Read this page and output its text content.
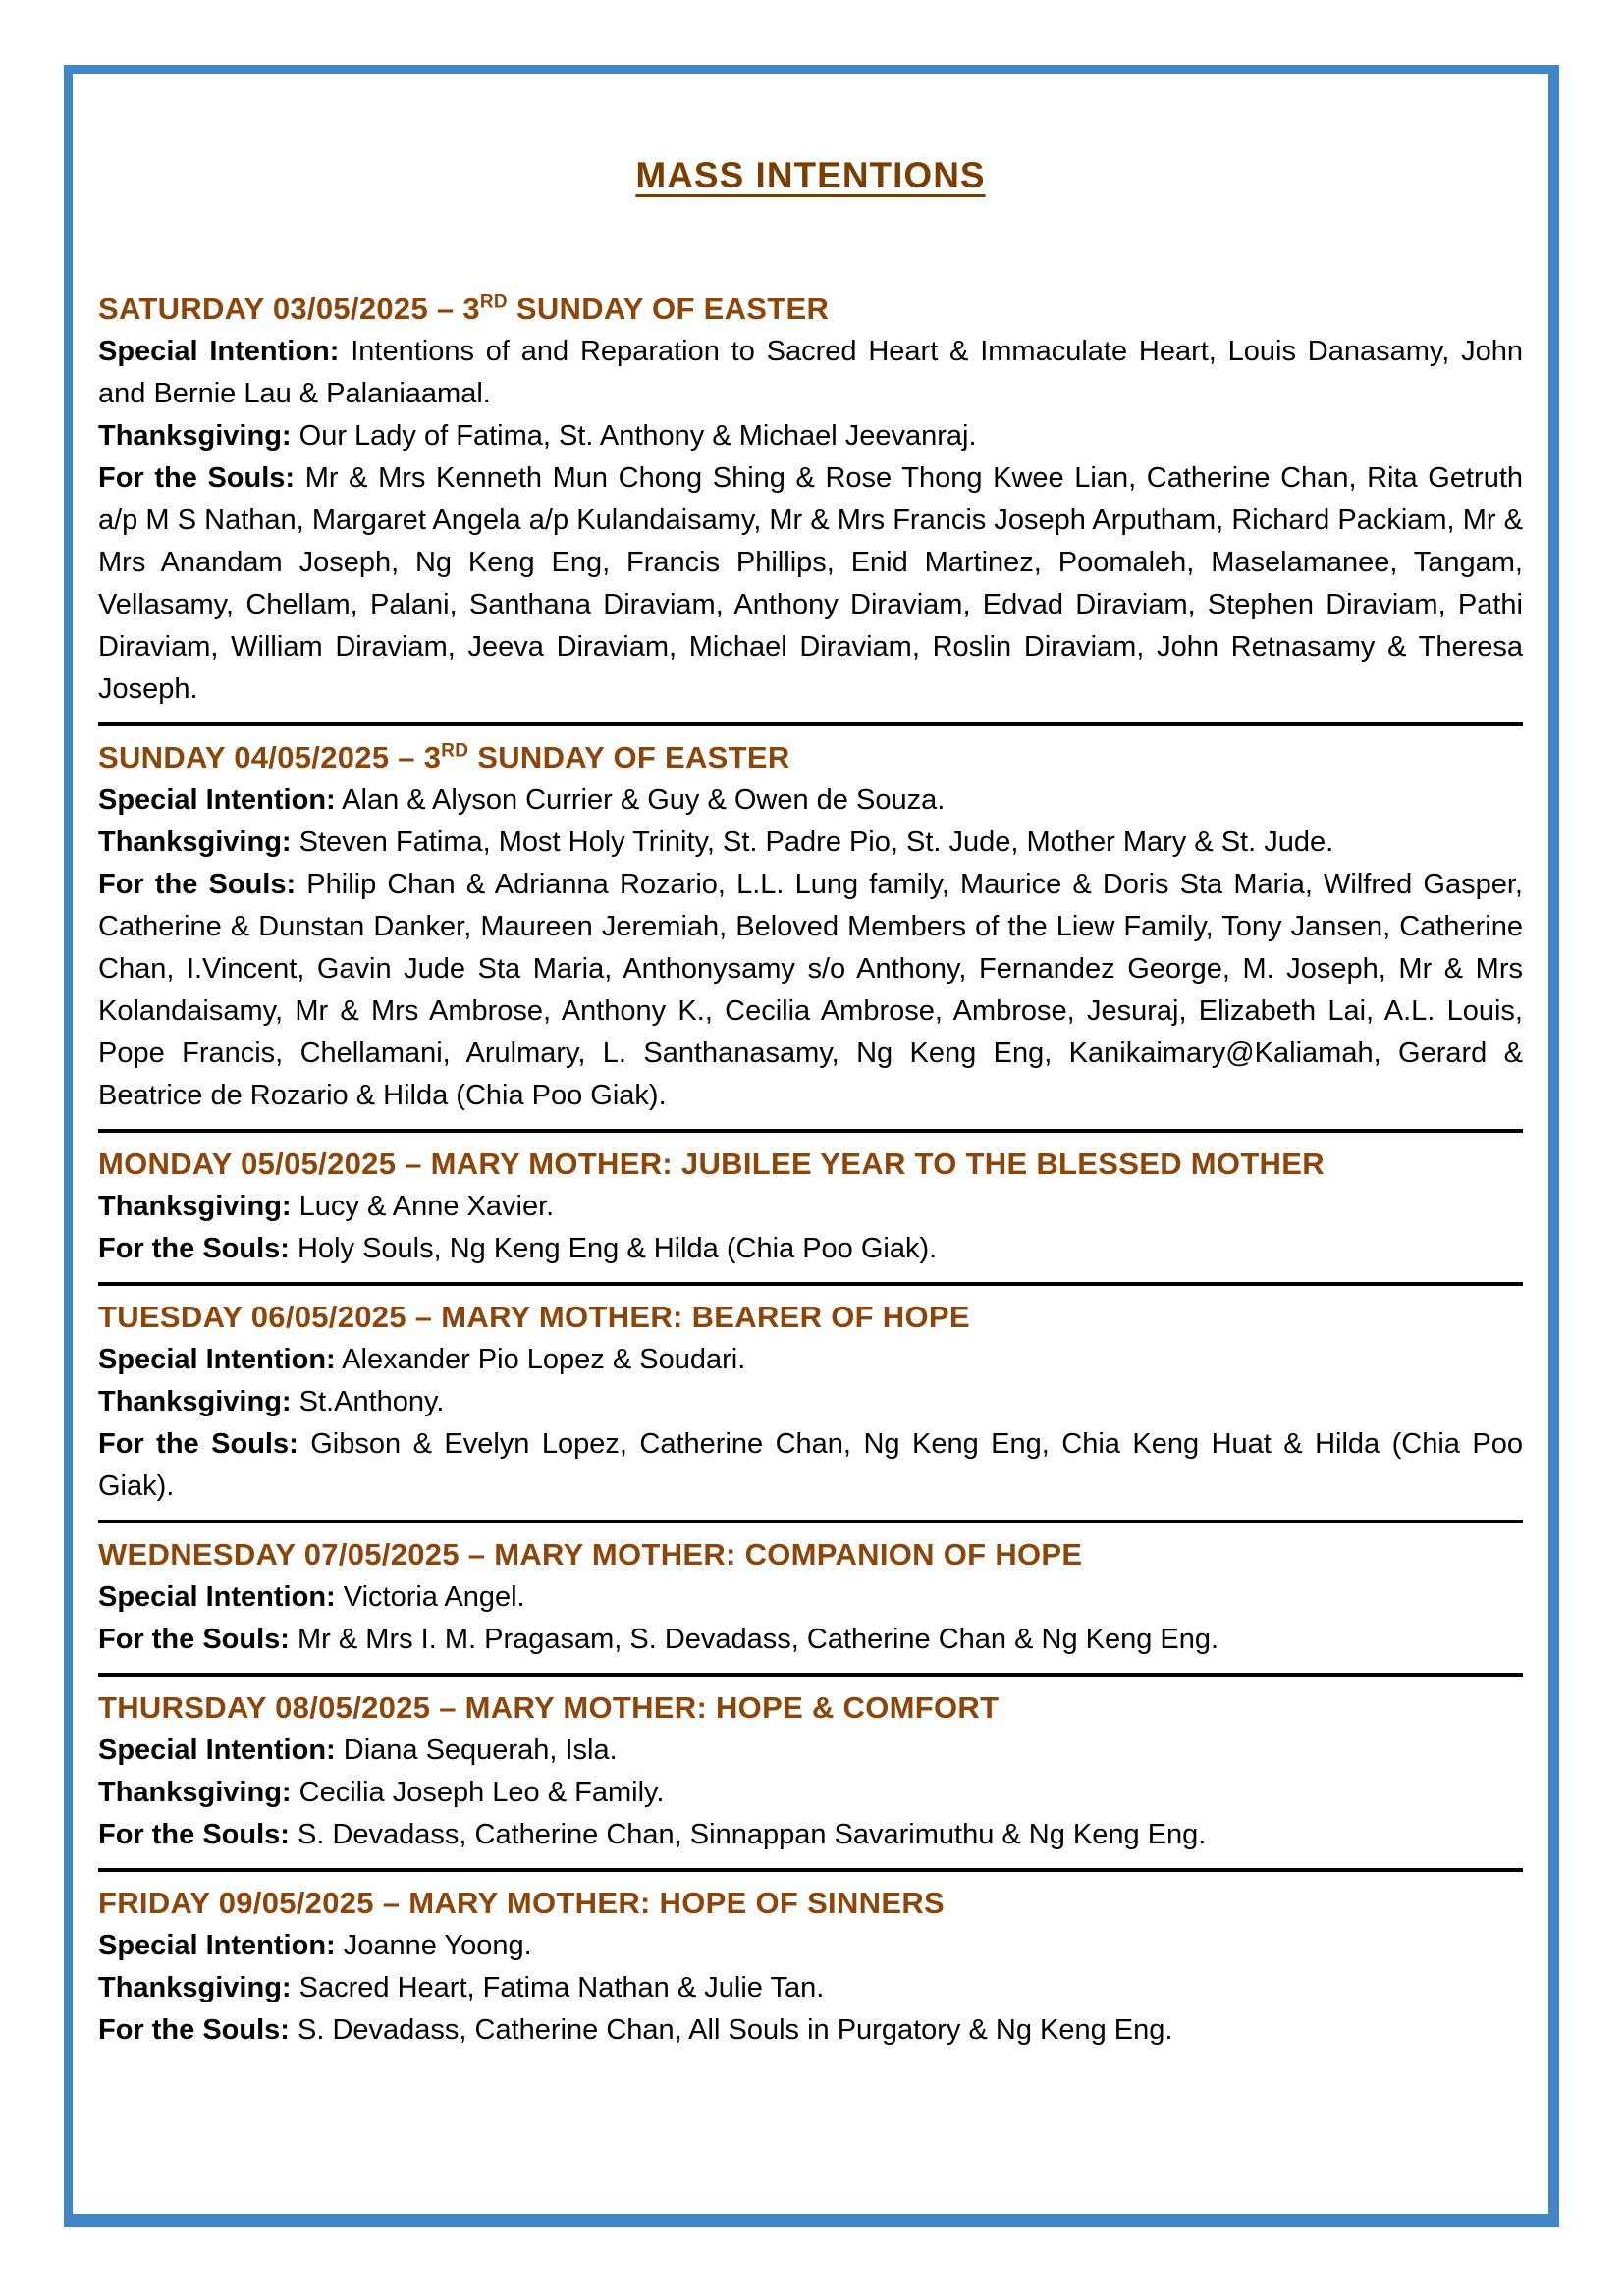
MASS INTENTIONS
SATURDAY 03/05/2025 – 3RD SUNDAY OF EASTER

Special Intention: Intentions of and Reparation to Sacred Heart & Immaculate Heart, Louis Danasamy, John and Bernie Lau & Palaniaamal.

Thanksgiving: Our Lady of Fatima, St. Anthony & Michael Jeevanraj.

For the Souls: Mr & Mrs Kenneth Mun Chong Shing & Rose Thong Kwee Lian, Catherine Chan, Rita Getruth a/p M S Nathan, Margaret Angela a/p Kulandaisamy, Mr & Mrs Francis Joseph Arputham, Richard Packiam, Mr & Mrs Anandam Joseph, Ng Keng Eng, Francis Phillips, Enid Martinez, Poomaleh, Maselamanee, Tangam, Vellasamy, Chellam, Palani, Santhana Diraviam, Anthony Diraviam, Edvad Diraviam, Stephen Diraviam, Pathi Diraviam, William Diraviam, Jeeva Diraviam, Michael Diraviam, Roslin Diraviam, John Retnasamy & Theresa Joseph.

SUNDAY 04/05/2025 – 3RD SUNDAY OF EASTER

Special Intention: Alan & Alyson Currier & Guy & Owen de Souza.

Thanksgiving: Steven Fatima, Most Holy Trinity, St. Padre Pio, St. Jude, Mother Mary & St. Jude.

For the Souls: Philip Chan & Adrianna Rozario, L.L. Lung family, Maurice & Doris Sta Maria, Wilfred Gasper, Catherine & Dunstan Danker, Maureen Jeremiah, Beloved Members of the Liew Family, Tony Jansen, Catherine Chan, I.Vincent, Gavin Jude Sta Maria, Anthonysamy s/o Anthony, Fernandez George, M. Joseph, Mr & Mrs Kolandaisamy, Mr & Mrs Ambrose, Anthony K., Cecilia Ambrose, Ambrose, Jesuraj, Elizabeth Lai, A.L. Louis, Pope Francis, Chellamani, Arulmary, L. Santhanasamy, Ng Keng Eng, Kanikaimary@Kaliamah, Gerard & Beatrice de Rozario & Hilda (Chia Poo Giak).

MONDAY 05/05/2025 – MARY MOTHER: JUBILEE YEAR TO THE BLESSED MOTHER

Thanksgiving: Lucy & Anne Xavier.

For the Souls: Holy Souls, Ng Keng Eng & Hilda (Chia Poo Giak).

TUESDAY 06/05/2025 – MARY MOTHER: BEARER OF HOPE

Special Intention: Alexander Pio Lopez & Soudari.

Thanksgiving: St.Anthony.

For the Souls: Gibson & Evelyn Lopez, Catherine Chan, Ng Keng Eng, Chia Keng Huat & Hilda (Chia Poo Giak).

WEDNESDAY 07/05/2025 – MARY MOTHER: COMPANION OF HOPE

Special Intention: Victoria Angel.

For the Souls: Mr & Mrs I. M. Pragasam, S. Devadass, Catherine Chan & Ng Keng Eng.

THURSDAY 08/05/2025 – MARY MOTHER: HOPE & COMFORT

Special Intention: Diana Sequerah, Isla.

Thanksgiving: Cecilia Joseph Leo & Family.

For the Souls: S. Devadass, Catherine Chan, Sinnappan Savarimuthu & Ng Keng Eng.

FRIDAY 09/05/2025 – MARY MOTHER: HOPE OF SINNERS

Special Intention: Joanne Yoong.

Thanksgiving: Sacred Heart, Fatima Nathan & Julie Tan.

For the Souls: S. Devadass, Catherine Chan, All Souls in Purgatory & Ng Keng Eng.
